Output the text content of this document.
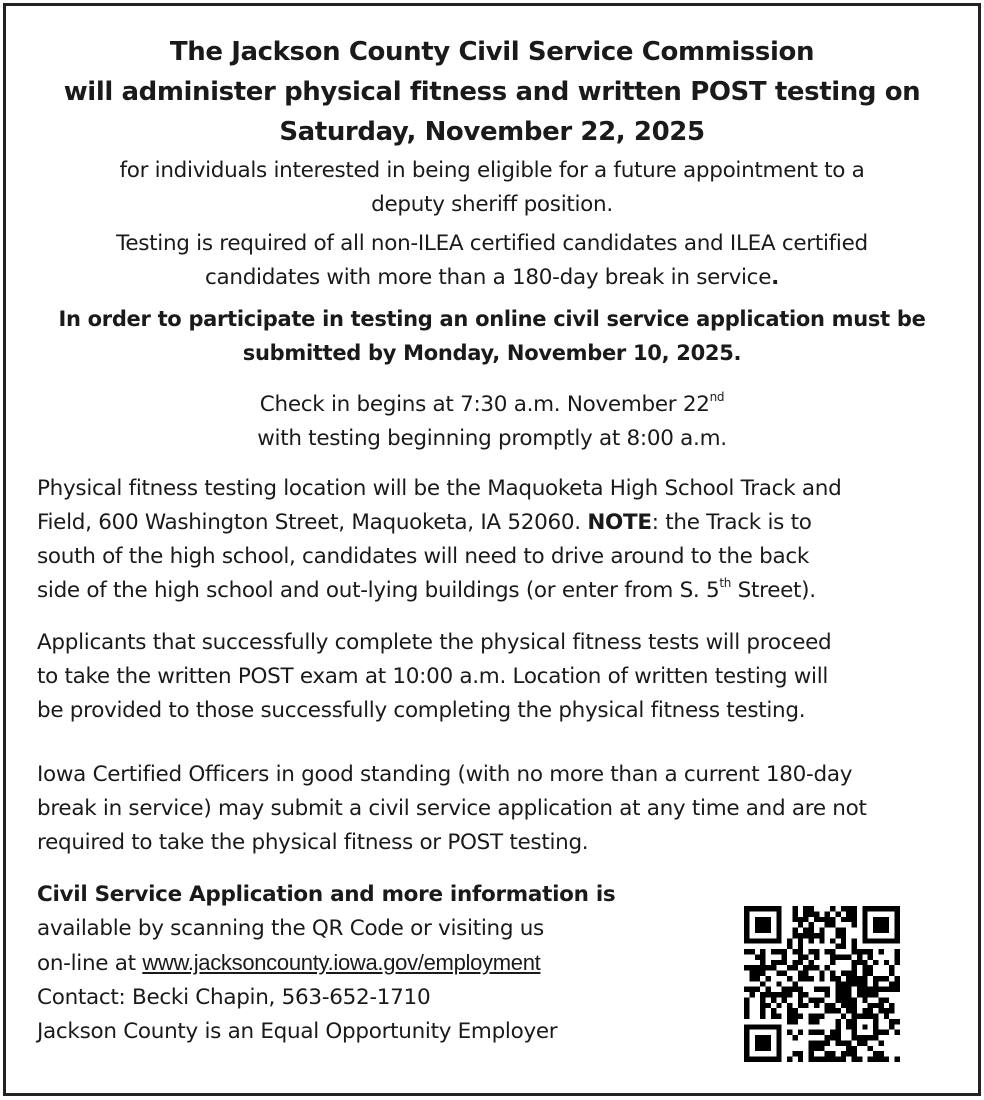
The Jackson County Civil Service Commission
will administer physical fitness and written POST testing on
Saturday, November 22, 2025
for individuals interested in being eligible for a future appointment to a
deputy sheriff position.
Testing is required of all non-ILEA certified candidates and ILEA certified
candidates with more than a 180-day break in service.
In order to participate in testing an online civil service application must be
submitted by Monday, November 10, 2025.
Check in begins at 7:30 a.m. November 22nd
with testing beginning promptly at 8:00 a.m.
Physical fitness testing location will be the Maquoketa High School Track and
Field, 600 Washington Street, Maquoketa, IA 52060. NOTE: the Track is to
south of the high school, candidates will need to drive around to the back
side of the high school and out-lying buildings (or enter from S. 5th Street).
Applicants that successfully complete the physical fitness tests will proceed
to take the written POST exam at 10:00 a.m. Location of written testing will
be provided to those successfully completing the physical fitness testing.
Iowa Certified Officers in good standing (with no more than a current 180-day
break in service) may submit a civil service application at any time and are not
required to take the physical fitness or POST testing.
Civil Service Application and more information is
available by scanning the QR Code or visiting us
on-line at www.jacksoncounty.iowa.gov/employment
Contact: Becki Chapin, 563-652-1710
Jackson County is an Equal Opportunity Employer
